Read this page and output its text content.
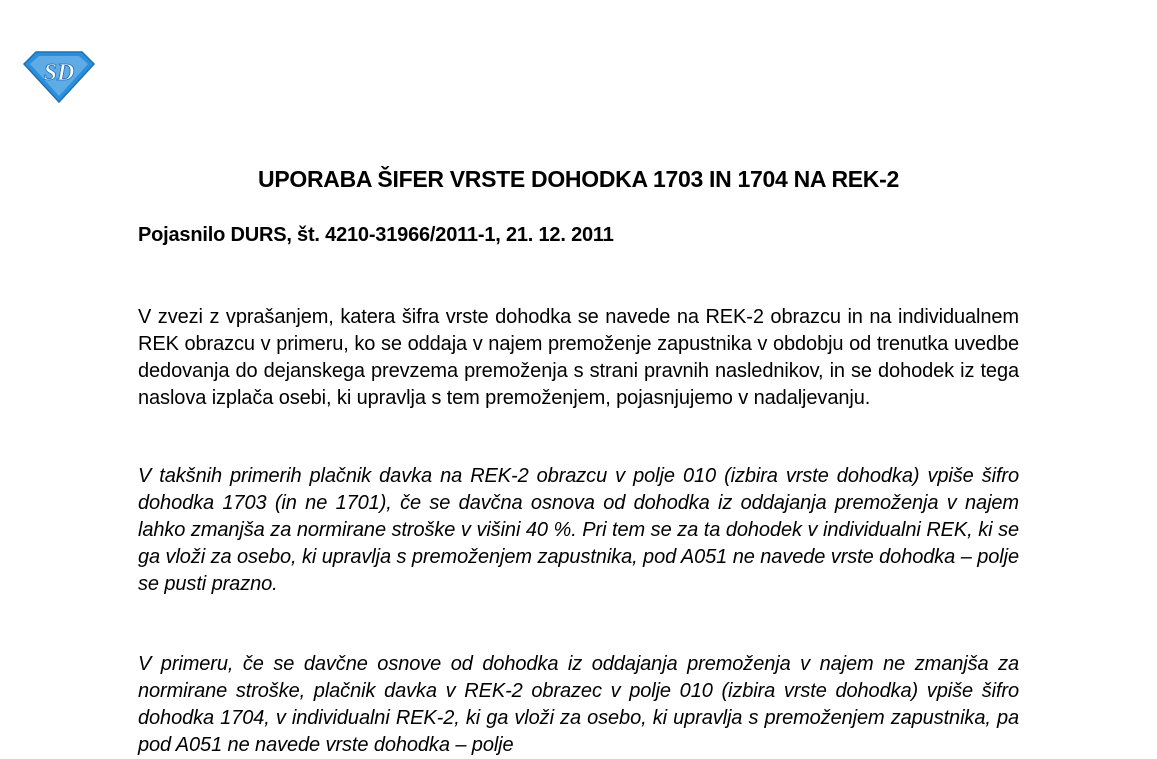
SD
UPORABA ŠIFER VRSTE DOHODKA 1703 IN 1704 NA REK-2
Pojasnilo DURS, št. 4210-31966/2011-1, 21. 12. 2011

V zvezi z vprašanjem, katera šifra vrste dohodka se navede na REK-2 obrazcu in na individualnem REK obrazcu v primeru, ko se oddaja v najem premoženje zapustnika v obdobju od trenutka uvedbe dedovanja do dejanskega prevzema premoženja s strani pravnih naslednikov, in se dohodek iz tega naslova izplača osebi, ki upravlja s tem premoženjem, pojasnjujemo v nadaljevanju.

V takšnih primerih plačnik davka na REK-2 obrazcu v polje 010 (izbira vrste dohodka) vpiše šifro dohodka 1703 (in ne 1701), če se davčna osnova od dohodka iz oddajanja premoženja v najem lahko zmanjša za normirane stroške v višini 40 %. Pri tem se za ta dohodek v individualni REK, ki se ga vloži za osebo, ki upravlja s premoženjem zapustnika, pod A051 ne navede vrste dohodka – polje se pusti prazno.

V primeru, če se davčne osnove od dohodka iz oddajanja premoženja v najem ne zmanjša za normirane stroške, plačnik davka v REK-2 obrazec v polje 010 (izbira vrste dohodka) vpiše šifro dohodka 1704, v individualni REK-2, ki ga vloži za osebo, ki upravlja s premoženjem zapustnika, pa pod A051 ne navede vrste dohodka – polje
